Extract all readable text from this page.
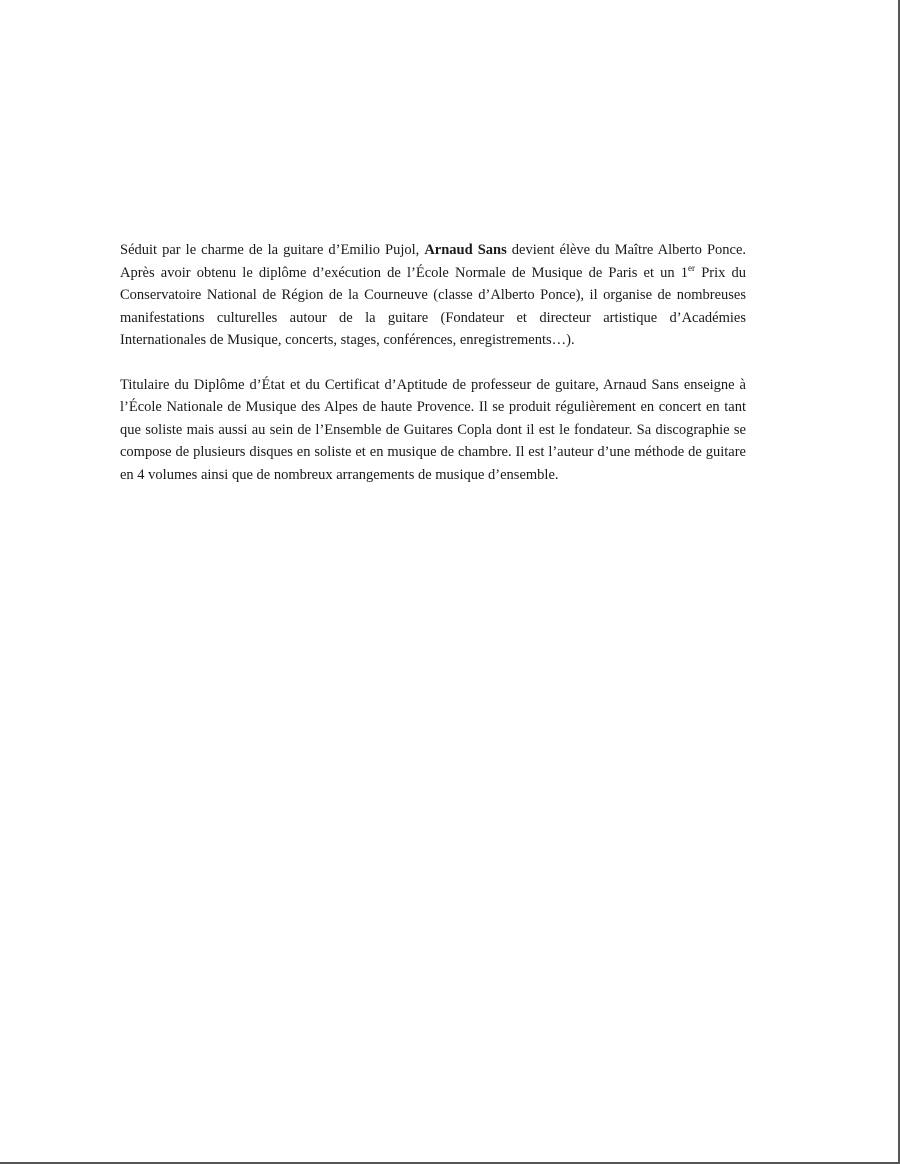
Séduit par le charme de la guitare d’Emilio Pujol, Arnaud Sans devient élève du Maître Alberto Ponce. Après avoir obtenu le diplôme d’exécution de l’École Normale de Musique de Paris et un 1er Prix du Conservatoire National de Région de la Courneuve (classe d’Alberto Ponce), il organise de nombreuses manifestations culturelles autour de la guitare (Fondateur et directeur artistique d’Académies Internationales de Musique, concerts, stages, conférences, enregistrements…).

Titulaire du Diplôme d’État et du Certificat d’Aptitude de professeur de guitare, Arnaud Sans enseigne à l’École Nationale de Musique des Alpes de haute Provence. Il se produit régulièrement en concert en tant que soliste mais aussi au sein de l’Ensemble de Guitares Copla dont il est le fondateur. Sa discographie se compose de plusieurs disques en soliste et en musique de chambre. Il est l’auteur d’une méthode de guitare en 4 volumes ainsi que de nombreux arrangements de musique d’ensemble.
